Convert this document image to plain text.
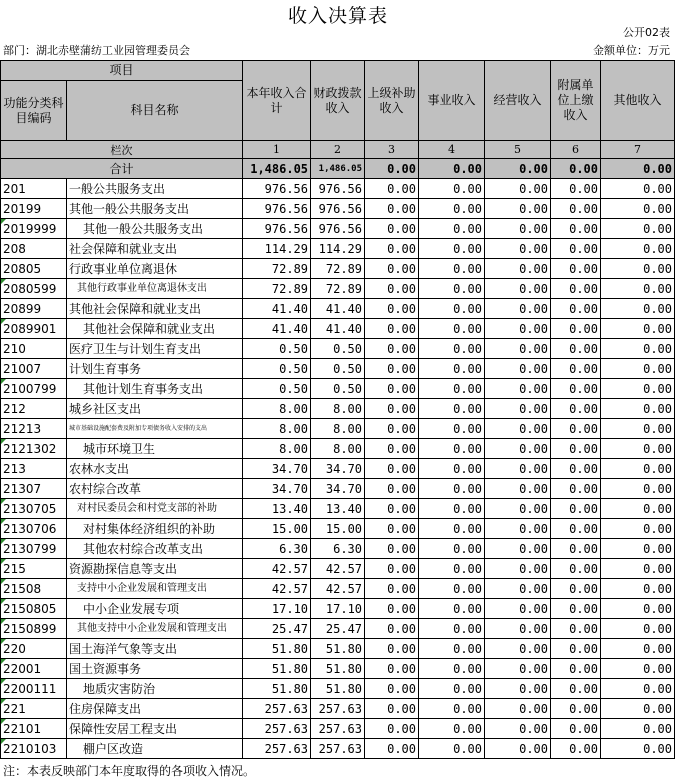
收入决算表
公开02表
部门：湖北赤壁蒲纺工业园管理委员会	金额单位：万元
项目		本年收入合计	财政拨款收入	上级补助收入	事业收入	经营收入	附属单位上缴收入	其他收入
功能分类科目编码	科目名称							
栏次		1	2	3	4	5	6	7
合计		1,486.05	1,486.05	0.00	0.00	0.00	0.00	0.00
201	一般公共服务支出	976.56	976.56	0.00	0.00	0.00	0.00	0.00
20199	其他一般公共服务支出	976.56	976.56	0.00	0.00	0.00	0.00	0.00
2019999	其他一般公共服务支出	976.56	976.56	0.00	0.00	0.00	0.00	0.00
208	社会保障和就业支出	114.29	114.29	0.00	0.00	0.00	0.00	0.00
20805	行政事业单位离退休	72.89	72.89	0.00	0.00	0.00	0.00	0.00
2080599	其他行政事业单位离退休支出	72.89	72.89	0.00	0.00	0.00	0.00	0.00
20899	其他社会保障和就业支出	41.40	41.40	0.00	0.00	0.00	0.00	0.00
2089901	其他社会保障和就业支出	41.40	41.40	0.00	0.00	0.00	0.00	0.00
210	医疗卫生与计划生育支出	0.50	0.50	0.00	0.00	0.00	0.00	0.00
21007	计划生育事务	0.50	0.50	0.00	0.00	0.00	0.00	0.00
2100799	其他计划生育事务支出	0.50	0.50	0.00	0.00	0.00	0.00	0.00
212	城乡社区支出	8.00	8.00	0.00	0.00	0.00	0.00	0.00
21213	城市基础设施配套费及附加专项债务收入安排的支出	8.00	8.00	0.00	0.00	0.00	0.00	0.00
2121302	城市环境卫生	8.00	8.00	0.00	0.00	0.00	0.00	0.00
213	农林水支出	34.70	34.70	0.00	0.00	0.00	0.00	0.00
21307	农村综合改革	34.70	34.70	0.00	0.00	0.00	0.00	0.00
2130705	对村民委员会和村党支部的补助	13.40	13.40	0.00	0.00	0.00	0.00	0.00
2130706	对村集体经济组织的补助	15.00	15.00	0.00	0.00	0.00	0.00	0.00
2130799	其他农村综合改革支出	6.30	6.30	0.00	0.00	0.00	0.00	0.00
215	资源勘探信息等支出	42.57	42.57	0.00	0.00	0.00	0.00	0.00
21508	支持中小企业发展和管理支出	42.57	42.57	0.00	0.00	0.00	0.00	0.00
2150805	中小企业发展专项	17.10	17.10	0.00	0.00	0.00	0.00	0.00
2150899	其他支持中小企业发展和管理支出	25.47	25.47	0.00	0.00	0.00	0.00	0.00
220	国土海洋气象等支出	51.80	51.80	0.00	0.00	0.00	0.00	0.00
22001	国土资源事务	51.80	51.80	0.00	0.00	0.00	0.00	0.00
2200111	地质灾害防治	51.80	51.80	0.00	0.00	0.00	0.00	0.00
221	住房保障支出	257.63	257.63	0.00	0.00	0.00	0.00	0.00
22101	保障性安居工程支出	257.63	257.63	0.00	0.00	0.00	0.00	0.00
2210103	棚户区改造	257.63	257.63	0.00	0.00	0.00	0.00	0.00
注：本表反映部门本年度取得的各项收入情况。
